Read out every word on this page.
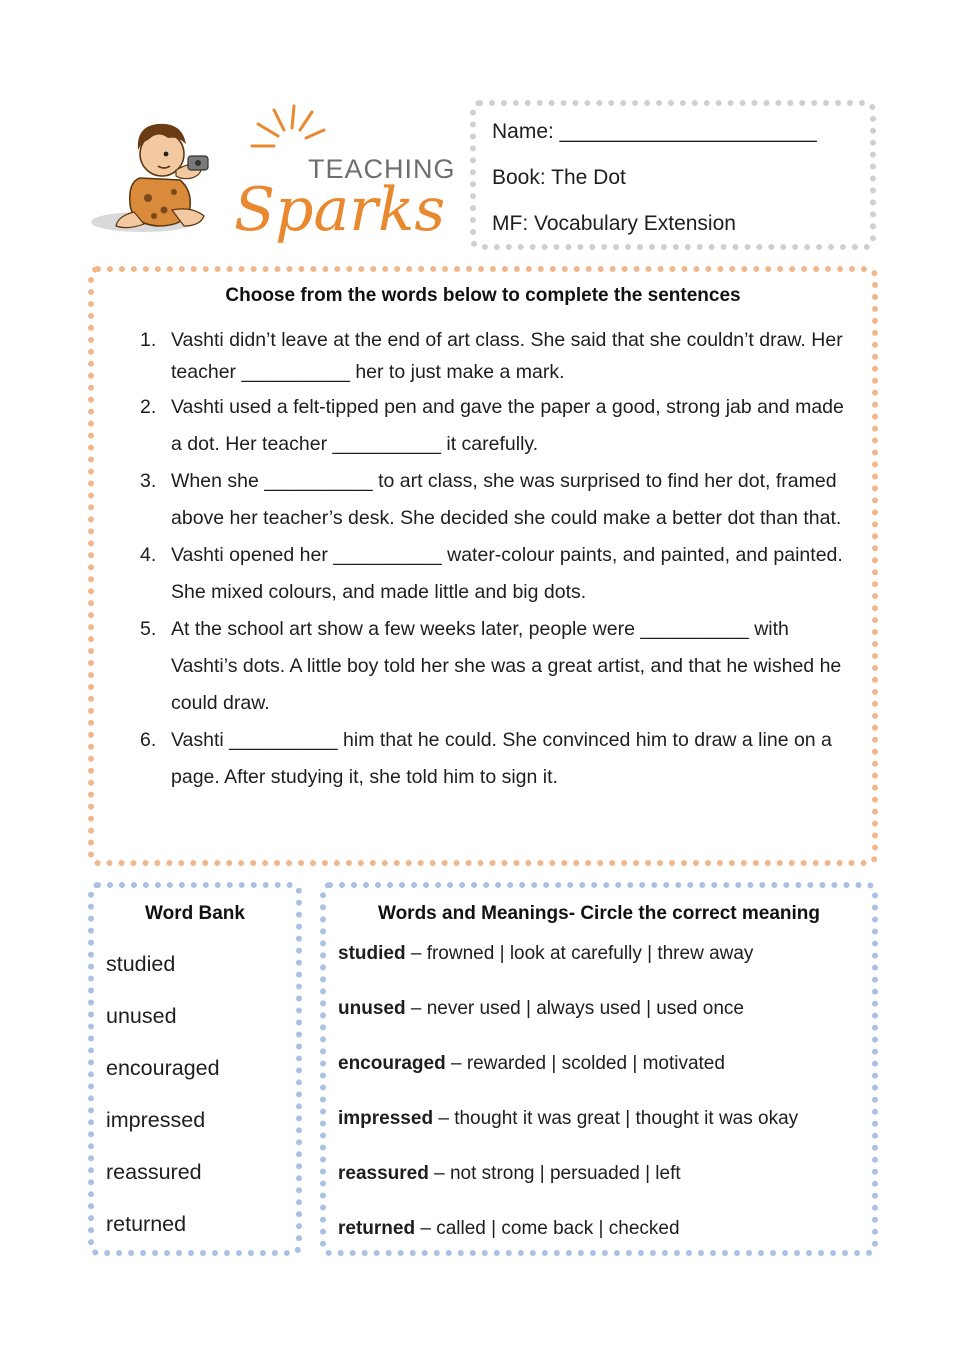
TEACHING
Sparks
Name: ______________________
Book: The Dot
MF: Vocabulary Extension
Choose from the words below to complete the sentences
1. Vashti didn’t leave at the end of art class. She said that she couldn’t draw. Her teacher __________ her to just make a mark.
2. Vashti used a felt-tipped pen and gave the paper a good, strong jab and made a dot. Her teacher __________ it carefully.
3. When she __________ to art class, she was surprised to find her dot, framed above her teacher’s desk. She decided she could make a better dot than that.
4. Vashti opened her __________ water-colour paints, and painted, and painted. She mixed colours, and made little and big dots.
5. At the school art show a few weeks later, people were __________ with Vashti’s dots. A little boy told her she was a great artist, and that he wished he could draw.
6. Vashti __________ him that he could. She convinced him to draw a line on a page. After studying it, she told him to sign it.
Word Bank
studied
unused
encouraged
impressed
reassured
returned
Words and Meanings- Circle the correct meaning
studied – frowned | look at carefully | threw away
unused – never used | always used | used once
encouraged – rewarded | scolded | motivated
impressed – thought it was great | thought it was okay
reassured – not strong | persuaded | left
returned – called | come back | checked
